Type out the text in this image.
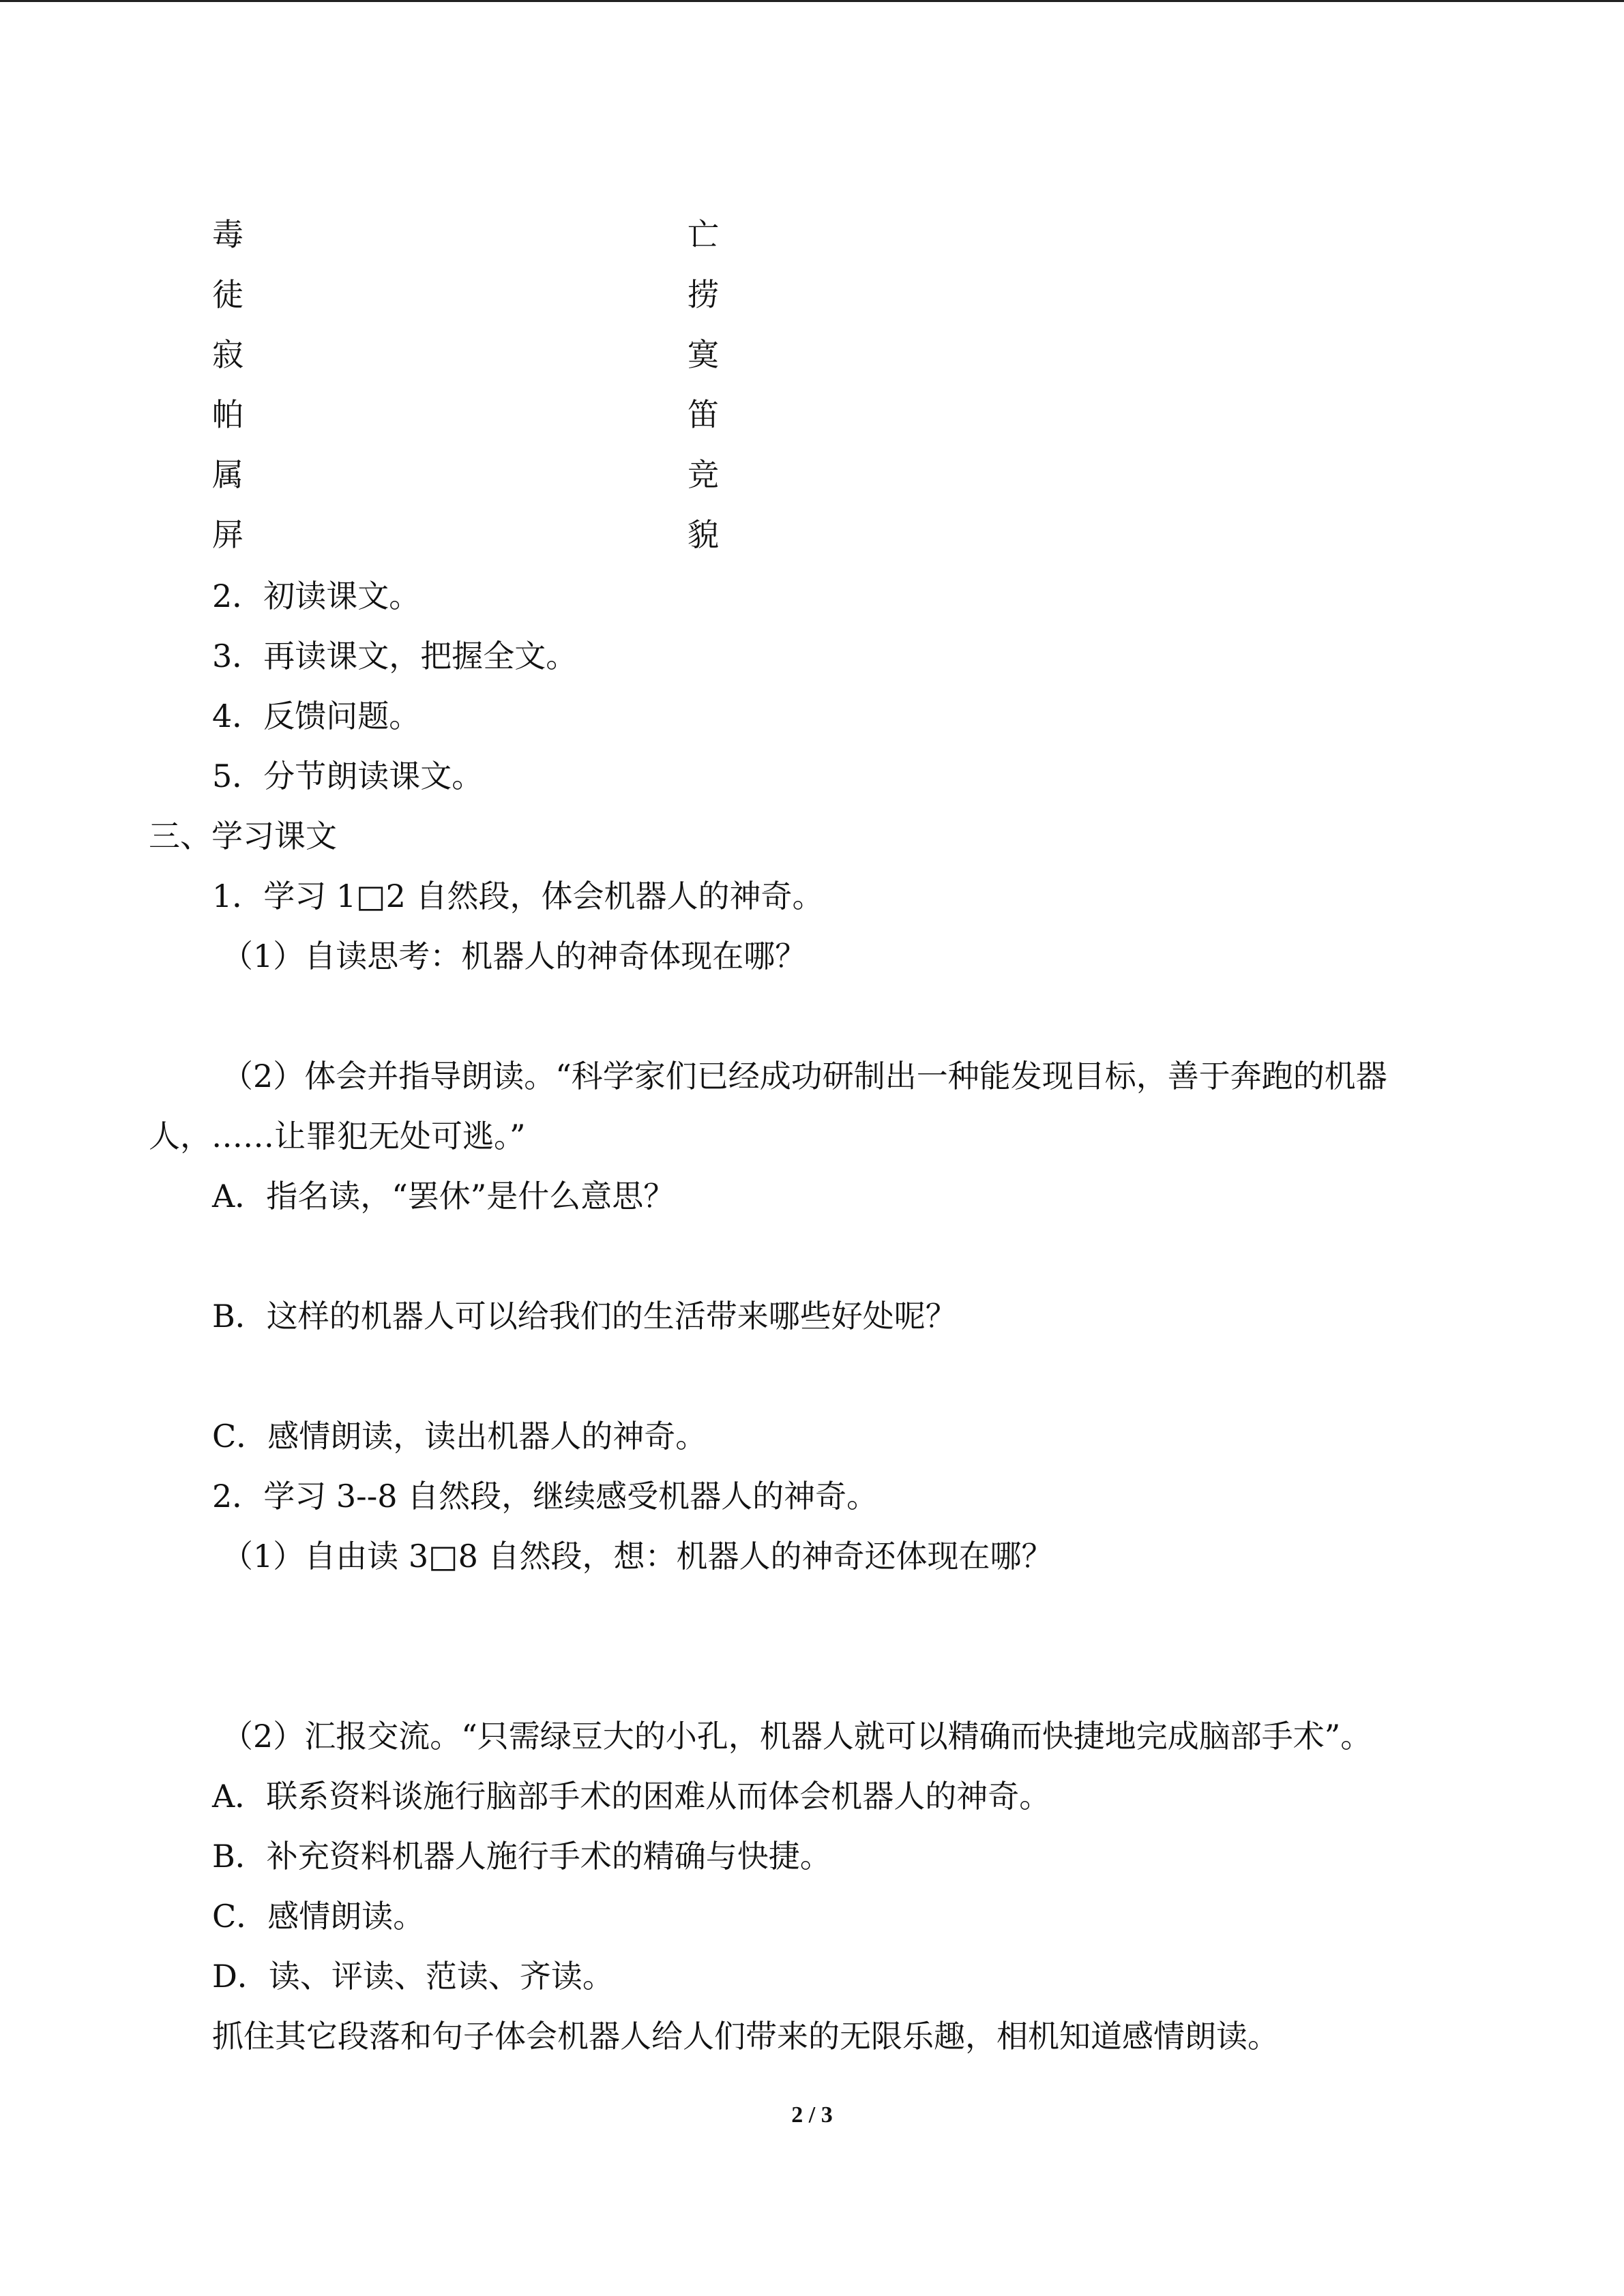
毒	亡
徒	捞
寂	寞
帕	笛
属	竞
屏	貌
2．初读课文。
3．再读课文，把握全文。
4．反馈问题。
5．分节朗读课文。
三、学习课文
1．学习 1□2 自然段，体会机器人的神奇。
（1）自读思考：机器人的神奇体现在哪？
（2）体会并指导朗读。“科学家们已经成功研制出一种能发现目标，善于奔跑的机器
人，……让罪犯无处可逃。”
A．指名读，“罢休”是什么意思？
B．这样的机器人可以给我们的生活带来哪些好处呢？
C．感情朗读，读出机器人的神奇。
2．学习 3--8 自然段，继续感受机器人的神奇。
（1）自由读 3□8 自然段，想：机器人的神奇还体现在哪？
（2）汇报交流。“只需绿豆大的小孔，机器人就可以精确而快捷地完成脑部手术”。
A．联系资料谈施行脑部手术的困难从而体会机器人的神奇。
B．补充资料机器人施行手术的精确与快捷。
C．感情朗读。
D．读、评读、范读、齐读。
抓住其它段落和句子体会机器人给人们带来的无限乐趣，相机知道感情朗读。
2 / 3
